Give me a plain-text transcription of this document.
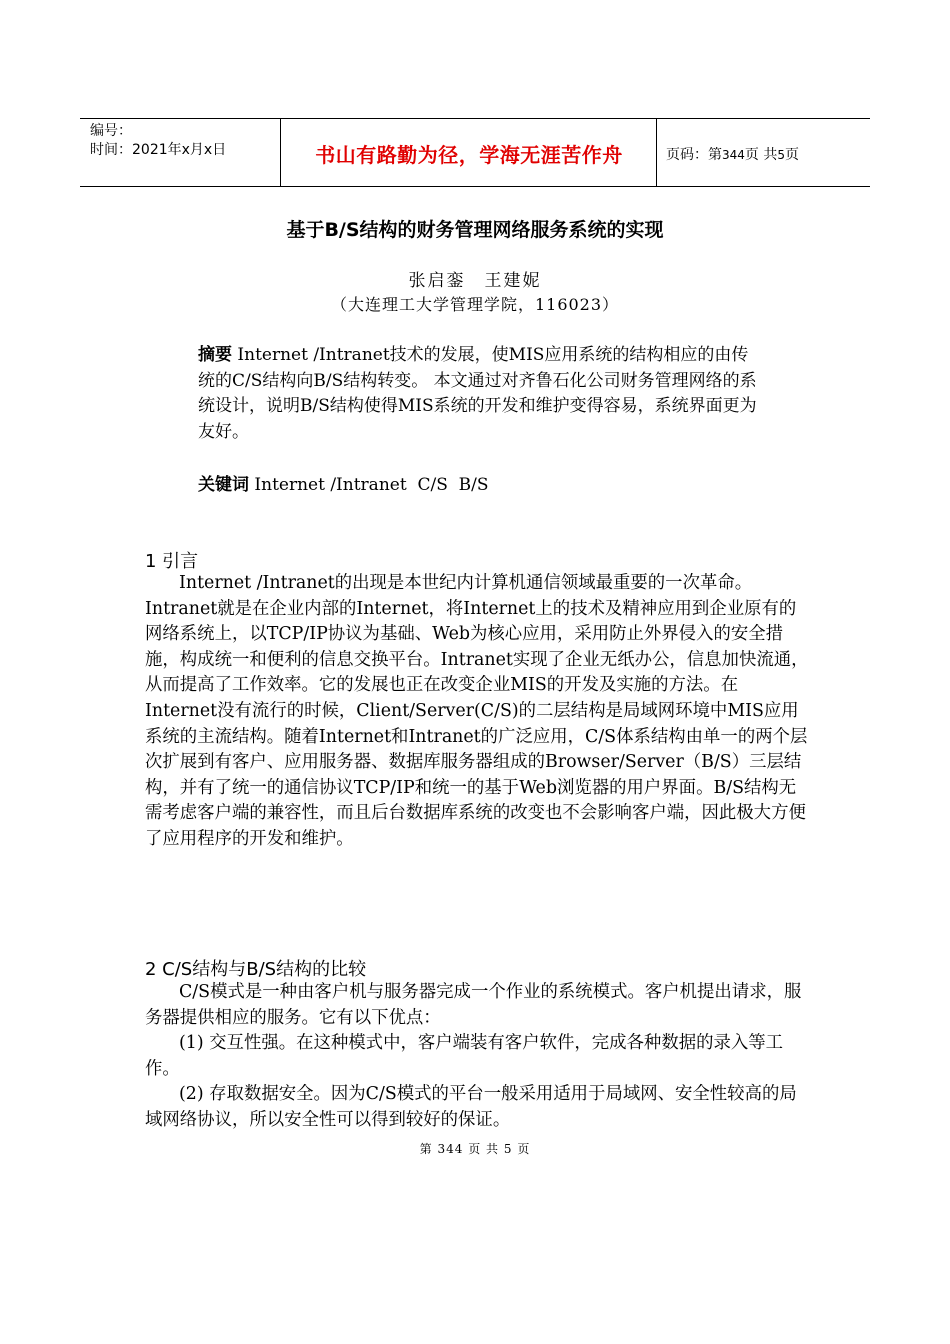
编号：
时间：2021年x月x日	书山有路勤为径，学海无涯苦作舟	页码：第344页 共5页
基于B/S结构的财务管理网络服务系统的实现
张启銮　王建妮
（大连理工大学管理学院，116023）
摘要 Internet /Intranet技术的发展，使MIS应用系统的结构相应的由传统的C/S结构向B/S结构转变。 本文通过对齐鲁石化公司财务管理网络的系统设计，说明B/S结构使得MIS系统的开发和维护变得容易，系统界面更为友好。
关键词 Internet /Intranet  C/S  B/S
1 引言

Internet /Intranet的出现是本世纪内计算机通信领域最重要的一次革命。Intranet就是在企业内部的Internet，将Internet上的技术及精神应用到企业原有的网络系统上，以TCP/IP协议为基础、Web为核心应用，采用防止外界侵入的安全措施，构成统一和便利的信息交换平台。Intranet实现了企业无纸办公，信息加快流通，从而提高了工作效率。它的发展也正在改变企业MIS的开发及实施的方法。在Internet没有流行的时候，Client/Server(C/S)的二层结构是局域网环境中MIS应用系统的主流结构。随着Internet和Intranet的广泛应用，C/S体系结构由单一的两个层次扩展到有客户、应用服务器、数据库服务器组成的Browser/Server（B/S）三层结构，并有了统一的通信协议TCP/IP和统一的基于Web浏览器的用户界面。B/S结构无需考虑客户端的兼容性，而且后台数据库系统的改变也不会影响客户端，因此极大方便了应用程序的开发和维护。

2 C/S结构与B/S结构的比较

C/S模式是一种由客户机与服务器完成一个作业的系统模式。客户机提出请求，服务器提供相应的服务。它有以下优点：

(1) 交互性强。在这种模式中，客户端装有客户软件，完成各种数据的录入等工作。

(2) 存取数据安全。因为C/S模式的平台一般采用适用于局域网、安全性较高的局域网络协议，所以安全性可以得到较好的保证。

第 344 页 共 5 页
